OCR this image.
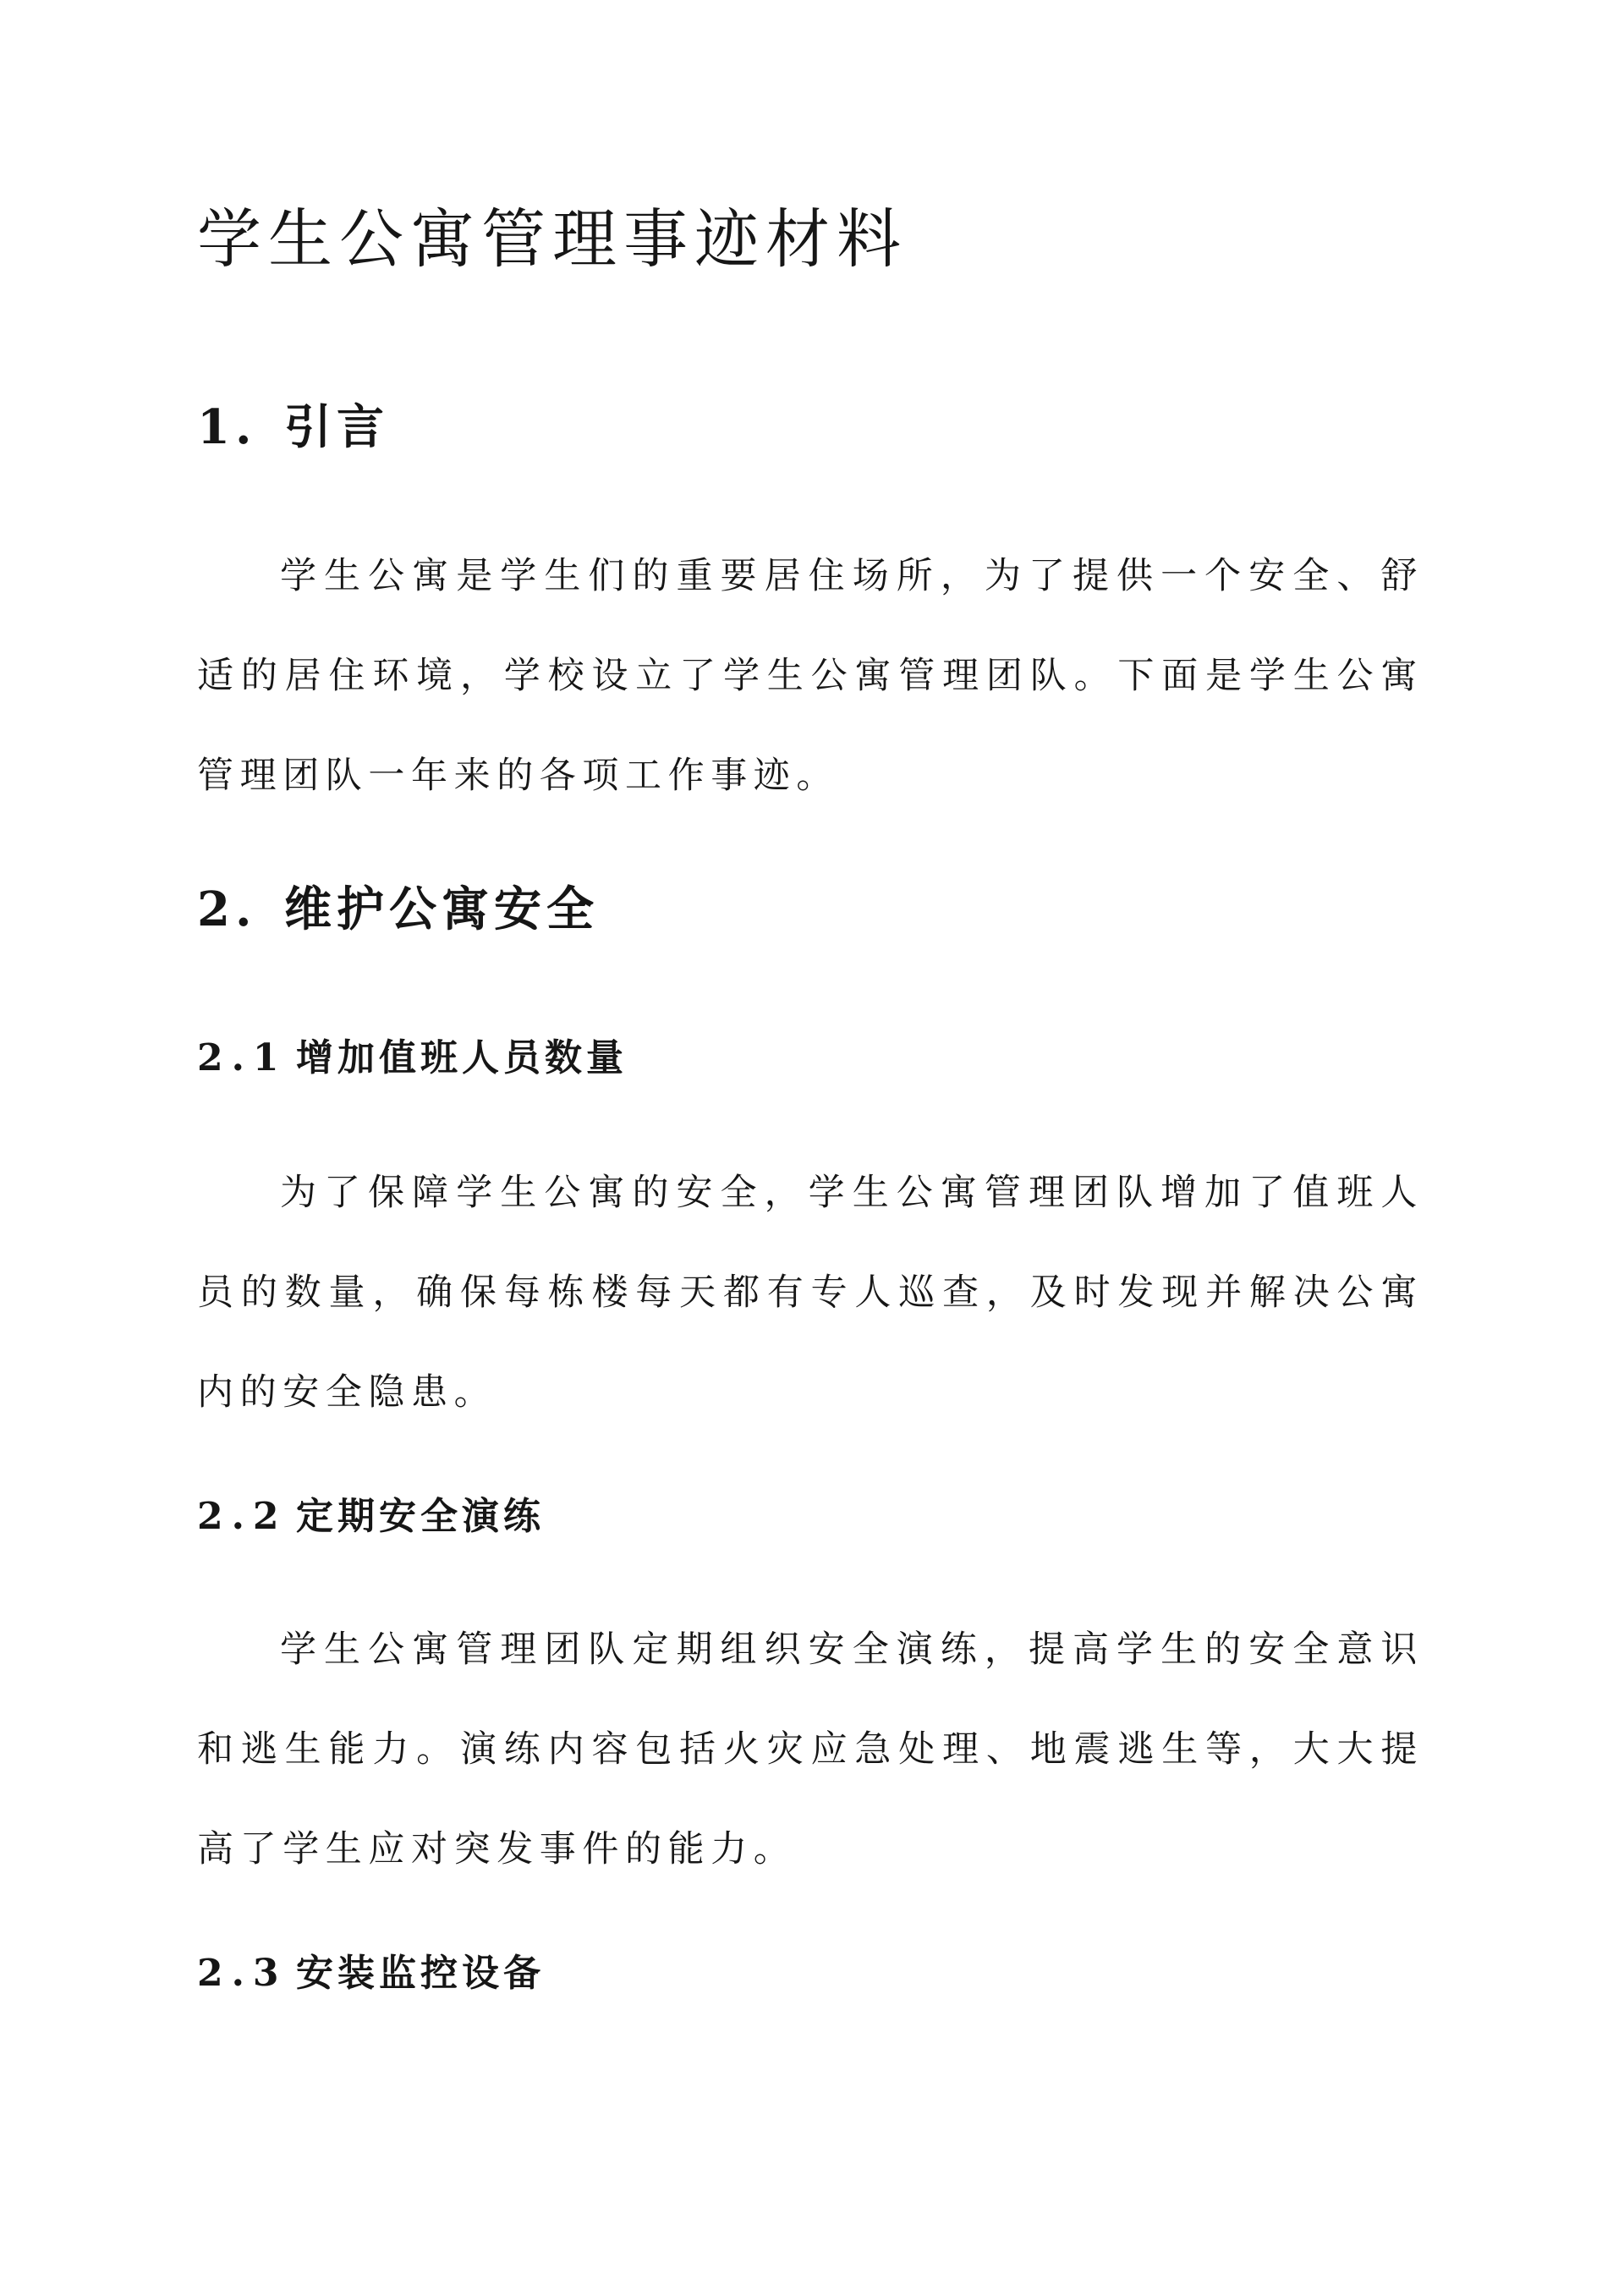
学生公寓管理事迹材料
1. 引言

学生公寓是学生们的重要居住场所，为了提供一个安全、舒适的居住环境，学校设立了学生公寓管理团队。下面是学生公寓管理团队一年来的各项工作事迹。

2. 维护公寓安全
2.1 增加值班人员数量

为了保障学生公寓的安全，学生公寓管理团队增加了值班人员的数量，确保每栋楼每天都有专人巡查，及时发现并解决公寓内的安全隐患。

2.2 定期安全演练

学生公寓管理团队定期组织安全演练，提高学生的安全意识和逃生能力。演练内容包括火灾应急处理、地震逃生等，大大提高了学生应对突发事件的能力。

2.3 安装监控设备
